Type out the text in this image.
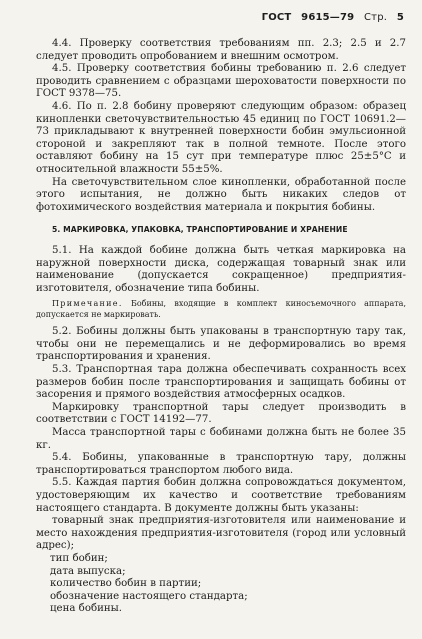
ГОСТ 9615—79 Стр. 5

4.4. Проверку соответствия требованиям пп. 2.3; 2.5 и 2.7 следует проводить опробованием и внешним осмотром.

4.5. Проверку соответствия бобины требованию п. 2.6 следует проводить сравнением с образцами шероховатости поверхности по ГОСТ 9378—75.

4.6. По п. 2.8 бобину проверяют следующим образом: образец кинопленки светочувствительностью 45 единиц по ГОСТ 10691.2—73 прикладывают к внутренней поверхности бобин эмульсионной стороной и закрепляют так в полной темноте. После этого оставляют бобину на 15 сут при температуре плюс 25±5°С и относительной влажности 55±5%.

На светочувствительном слое кинопленки, обработанной после этого испытания, не должно быть никаких следов от фотохимического воздействия материала и покрытия бобины.

5. МАРКИРОВКА, УПАКОВКА, ТРАНСПОРТИРОВАНИЕ И ХРАНЕНИЕ

5.1. На каждой бобине должна быть четкая маркировка на наружной поверхности диска, содержащая товарный знак или наименование (допускается сокращенное) предприятия-изготовителя, обозначение типа бобины.

Примечание. Бобины, входящие в комплект киносъемочного аппарата, допускается не маркировать.

5.2. Бобины должны быть упакованы в транспортную тару так, чтобы они не перемещались и не деформировались во время транспортирования и хранения.

5.3. Транспортная тара должна обеспечивать сохранность всех размеров бобин после транспортирования и защищать бобины от засорения и прямого воздействия атмосферных осадков.

Маркировку транспортной тары следует производить в соответствии с ГОСТ 14192—77.

Масса транспортной тары с бобинами должна быть не более 35 кг.

5.4. Бобины, упакованные в транспортную тару, должны транспортироваться транспортом любого вида.

5.5. Каждая партия бобин должна сопровождаться документом, удостоверяющим их качество и соответствие требованиям настоящего стандарта. В документе должны быть указаны:

товарный знак предприятия-изготовителя или наименование и место нахождения предприятия-изготовителя (город или условный адрес);

тип бобин;
дата выпуска;
количество бобин в партии;
обозначение настоящего стандарта;
цена бобины.
